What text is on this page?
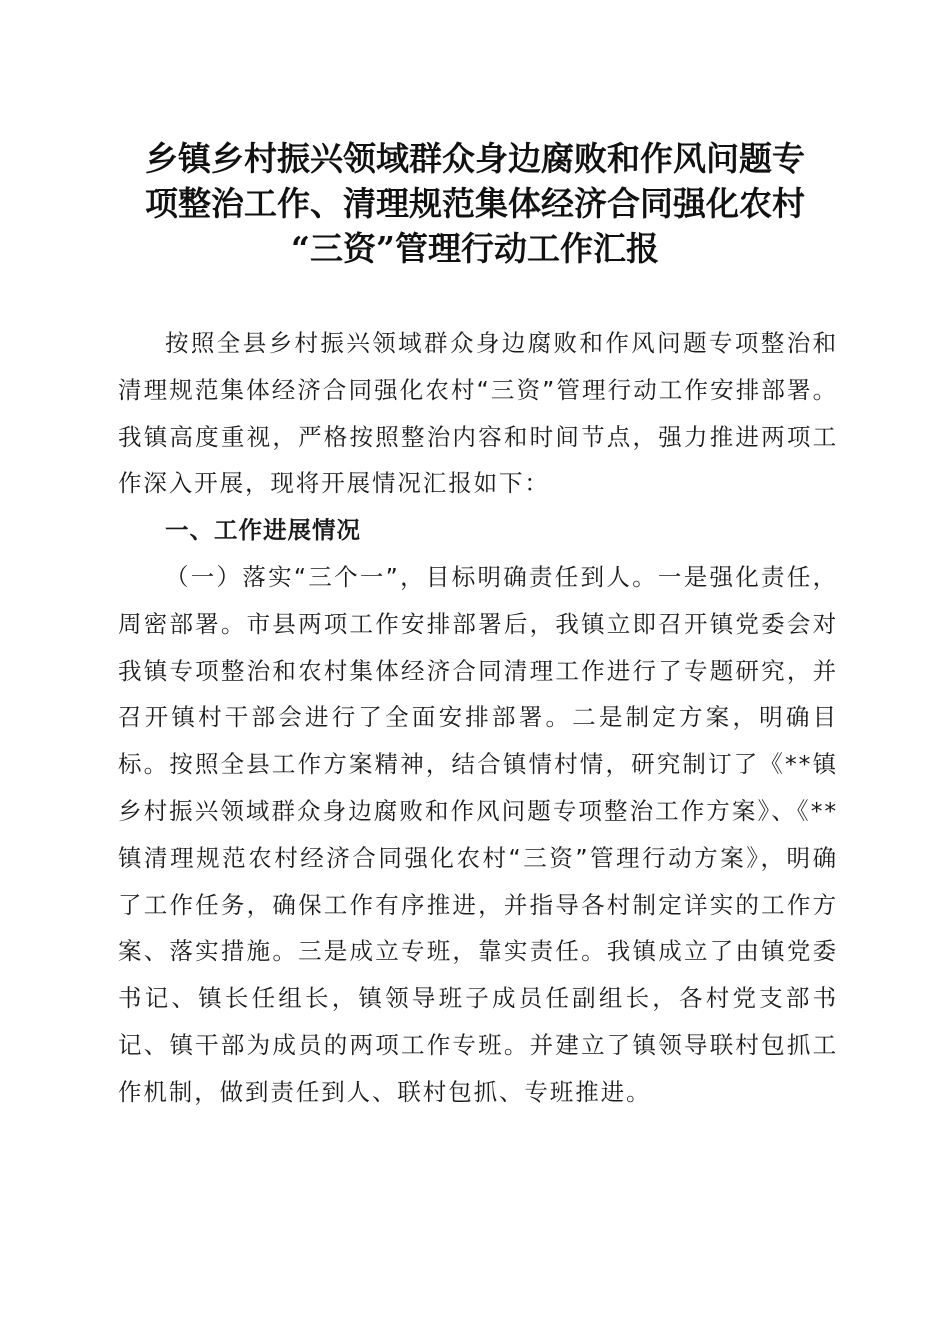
乡镇乡村振兴领域群众身边腐败和作风问题专
项整治工作、清理规范集体经济合同强化农村
“三资”管理行动工作汇报

按照全县乡村振兴领域群众身边腐败和作风问题专项整治和清理规范集体经济合同强化农村“三资”管理行动工作安排部署。我镇高度重视，严格按照整治内容和时间节点，强力推进两项工作深入开展，现将开展情况汇报如下：

一、工作进展情况

（一）落实“三个一”，目标明确责任到人。一是强化责任，周密部署。市县两项工作安排部署后，我镇立即召开镇党委会对我镇专项整治和农村集体经济合同清理工作进行了专题研究，并召开镇村干部会进行了全面安排部署。二是制定方案，明确目标。按照全县工作方案精神，结合镇情村情，研究制订了《**镇乡村振兴领域群众身边腐败和作风问题专项整治工作方案》、《**镇清理规范农村经济合同强化农村“三资”管理行动方案》，明确了工作任务，确保工作有序推进，并指导各村制定详实的工作方案、落实措施。三是成立专班，靠实责任。我镇成立了由镇党委书记、镇长任组长，镇领导班子成员任副组长，各村党支部书记、镇干部为成员的两项工作专班。并建立了镇领导联村包抓工作机制，做到责任到人、联村包抓、专班推进。
